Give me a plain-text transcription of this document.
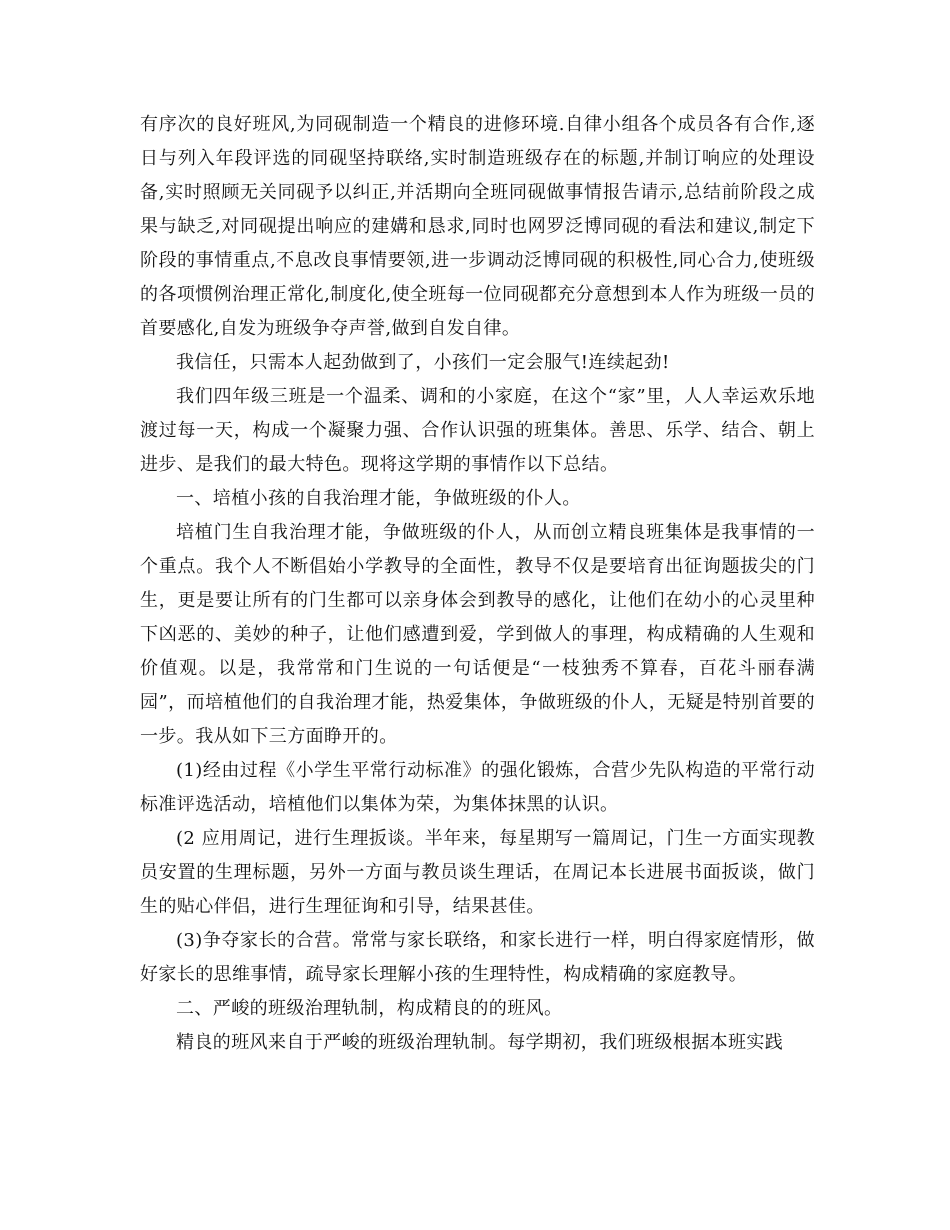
有序次的良好班风,为同砚制造一个精良的进修环境.自律小组各个成员各有合作,逐日与列入年段评选的同砚坚持联络,实时制造班级存在的标题,并制订响应的处理设备,实时照顾无关同砚予以纠正,并活期向全班同砚做事情报告请示,总结前阶段之成果与缺乏,对同砚提出响应的建媾和恳求,同时也网罗泛博同砚的看法和建议,制定下阶段的事情重点,不息改良事情要领,进一步调动泛博同砚的积极性,同心合力,使班级的各项惯例治理正常化,制度化,使全班每一位同砚都充分意想到本人作为班级一员的首要感化,自发为班级争夺声誉,做到自发自律。

我信任，只需本人起劲做到了，小孩们一定会服气!连续起劲!

我们四年级三班是一个温柔、调和的小家庭，在这个“家”里，人人幸运欢乐地渡过每一天，构成一个凝聚力强、合作认识强的班集体。善思、乐学、结合、朝上进步、是我们的最大特色。现将这学期的事情作以下总结。

一、培植小孩的自我治理才能，争做班级的仆人。

培植门生自我治理才能，争做班级的仆人，从而创立精良班集体是我事情的一个重点。我个人不断倡始小学教导的全面性，教导不仅是要培育出征询题拔尖的门生，更是要让所有的门生都可以亲身体会到教导的感化，让他们在幼小的心灵里种下凶恶的、美妙的种子，让他们感遭到爱，学到做人的事理，构成精确的人生观和价值观。以是，我常常和门生说的一句话便是“一枝独秀不算春，百花斗丽春满园”，而培植他们的自我治理才能，热爱集体，争做班级的仆人，无疑是特别首要的一步。我从如下三方面睁开的。

(1)经由过程《小学生平常行动标准》的强化锻炼，合营少先队构造的平常行动标准评选活动，培植他们以集体为荣，为集体抹黑的认识。

(2 应用周记，进行生理扳谈。半年来，每星期写一篇周记，门生一方面实现教员安置的生理标题，另外一方面与教员谈生理话，在周记本长进展书面扳谈，做门生的贴心伴侣，进行生理征询和引导，结果甚佳。

(3)争夺家长的合营。常常与家长联络，和家长进行一样，明白得家庭情形，做好家长的思维事情，疏导家长理解小孩的生理特性，构成精确的家庭教导。

二、严峻的班级治理轨制，构成精良的的班风。

精良的班风来自于严峻的班级治理轨制。每学期初，我们班级根据本班实践
